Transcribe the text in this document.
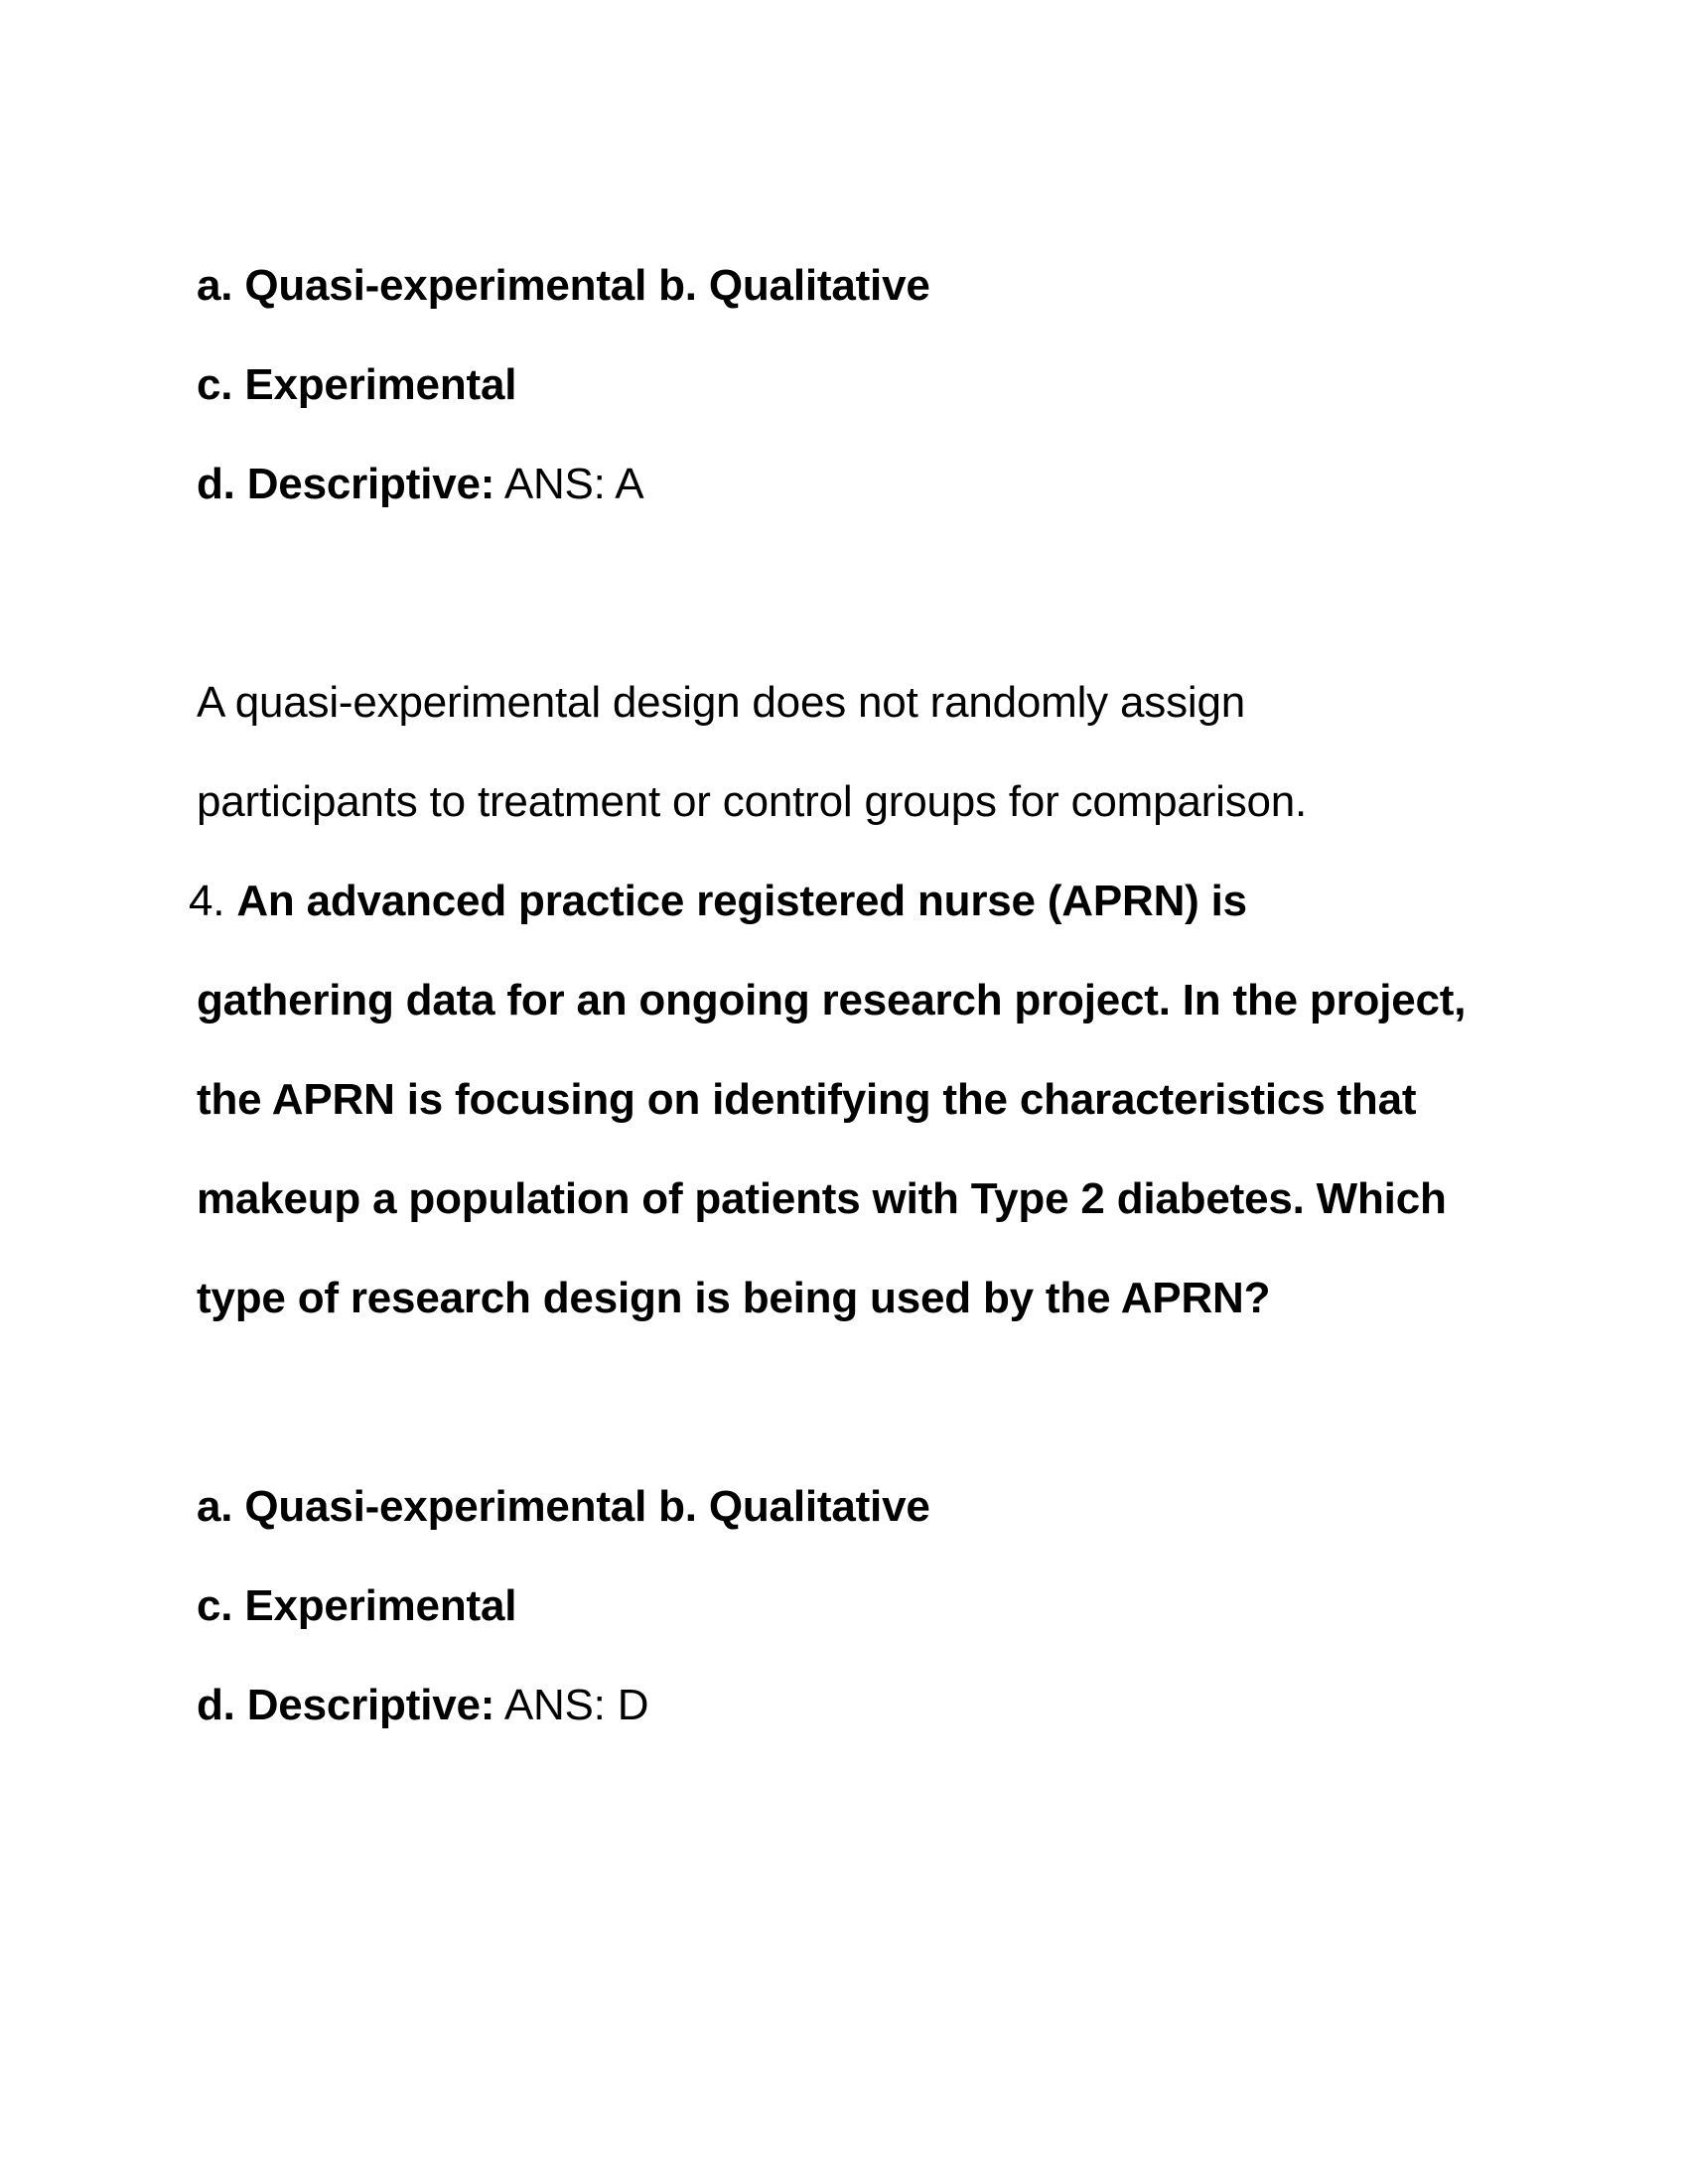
a. Quasi-experimental b. Qualitative
c. Experimental
d. Descriptive: ANS: A
A quasi-experimental design does not randomly assign
participants to treatment or control groups for comparison.
4. An advanced practice registered nurse (APRN) is
gathering data for an ongoing research project. In the project,
the APRN is focusing on identifying the characteristics that
makeup a population of patients with Type 2 diabetes. Which
type of research design is being used by the APRN?
a. Quasi-experimental b. Qualitative
c. Experimental
d. Descriptive: ANS: D
